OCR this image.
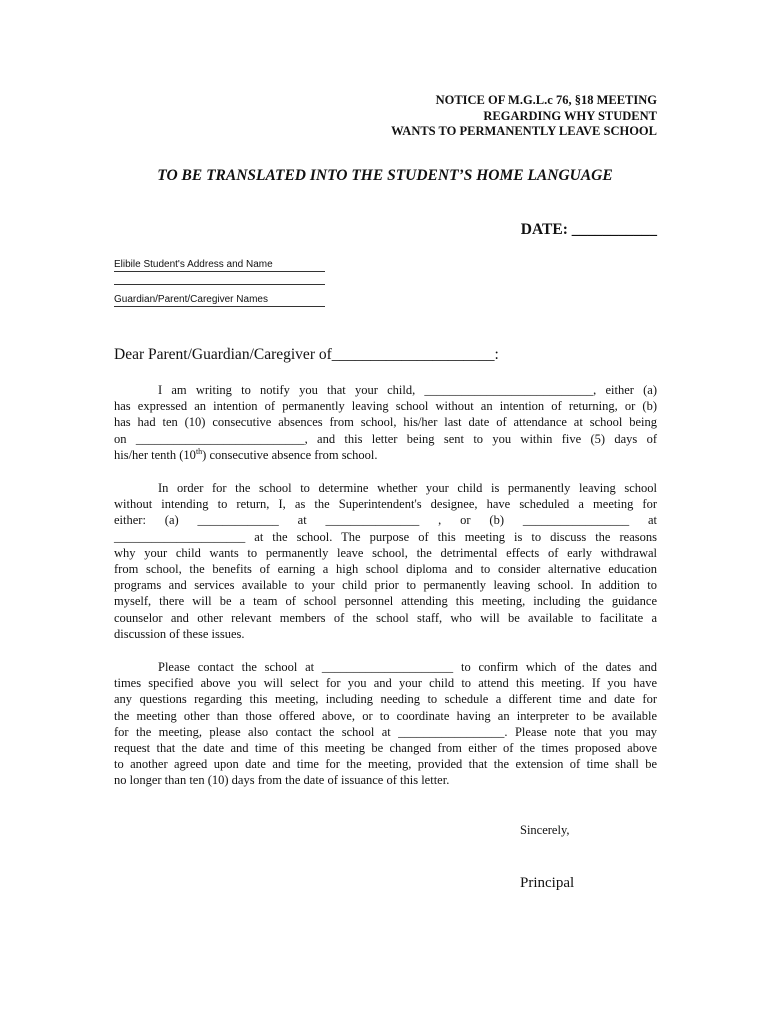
NOTICE OF M.G.L.c 76, §18 MEETING
REGARDING WHY STUDENT
WANTS TO PERMANENTLY LEAVE SCHOOL
TO BE TRANSLATED INTO THE STUDENT’S HOME LANGUAGE
DATE: ___________
Elibile Student's Address and Name
Guardian/Parent/Caregiver Names
Dear Parent/Guardian/Caregiver of_____________________:
I am writing to notify you that your child, ___________________________, either (a)
has expressed an intention of permanently leaving school without an intention of returning, or (b)
has had ten (10) consecutive absences from school, his/her last date of attendance at school being
on ___________________________, and this letter being sent to you within five (5) days of
his/her tenth (10th) consecutive absence from school.
In order for the school to determine whether your child is permanently leaving school
without intending to return, I, as the Superintendent's designee, have scheduled a meeting for
either: (a) _____________ at _______________ , or (b) _________________ at
_____________________ at the school. The purpose of this meeting is to discuss the reasons
why your child wants to permanently leave school, the detrimental effects of early withdrawal
from school, the benefits of earning a high school diploma and to consider alternative education
programs and services available to your child prior to permanently leaving school. In addition to
myself, there will be a team of school personnel attending this meeting, including the guidance
counselor and other relevant members of the school staff, who will be available to facilitate a
discussion of these issues.
Please contact the school at _____________________ to confirm which of the dates and
times specified above you will select for you and your child to attend this meeting. If you have
any questions regarding this meeting, including needing to schedule a different time and date for
the meeting other than those offered above, or to coordinate having an interpreter to be available
for the meeting, please also contact the school at _________________. Please note that you may
request that the date and time of this meeting be changed from either of the times proposed above
to another agreed upon date and time for the meeting, provided that the extension of time shall be
no longer than ten (10) days from the date of issuance of this letter.
Sincerely,
Principal
